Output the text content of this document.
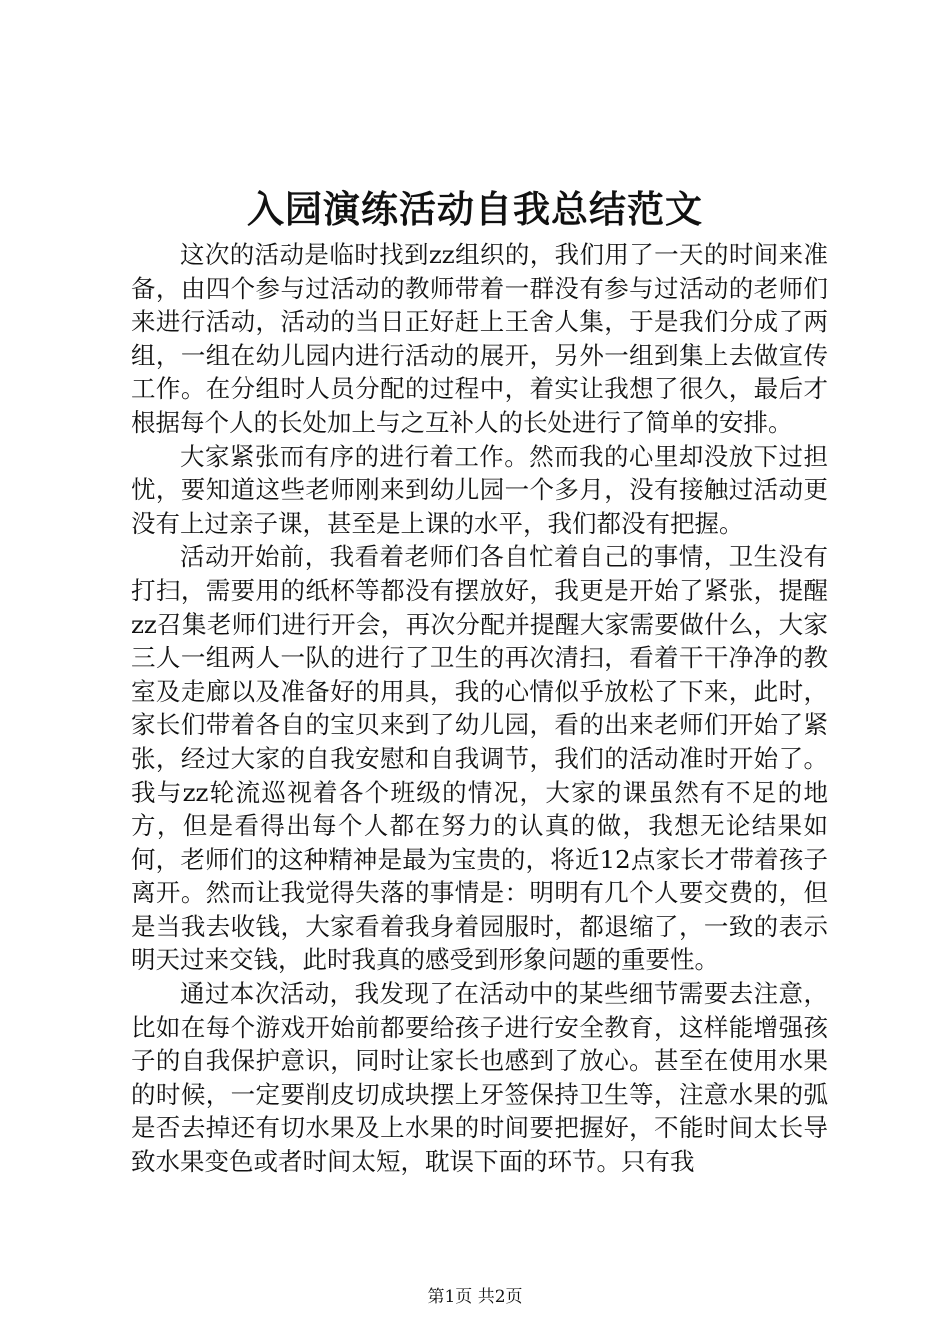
入园演练活动自我总结范文

这次的活动是临时找到zz组织的，我们用了一天的时间来准备，由四个参与过活动的教师带着一群没有参与过活动的老师们来进行活动，活动的当日正好赶上王舍人集，于是我们分成了两组，一组在幼儿园内进行活动的展开，另外一组到集上去做宣传工作。在分组时人员分配的过程中，着实让我想了很久，最后才根据每个人的长处加上与之互补人的长处进行了简单的安排。

大家紧张而有序的进行着工作。然而我的心里却没放下过担忧，要知道这些老师刚来到幼儿园一个多月，没有接触过活动更没有上过亲子课，甚至是上课的水平，我们都没有把握。

活动开始前，我看着老师们各自忙着自己的事情，卫生没有打扫，需要用的纸杯等都没有摆放好，我更是开始了紧张，提醒zz召集老师们进行开会，再次分配并提醒大家需要做什么，大家三人一组两人一队的进行了卫生的再次清扫，看着干干净净的教室及走廊以及准备好的用具，我的心情似乎放松了下来，此时，家长们带着各自的宝贝来到了幼儿园，看的出来老师们开始了紧张，经过大家的自我安慰和自我调节，我们的活动准时开始了。我与zz轮流巡视着各个班级的情况，大家的课虽然有不足的地方，但是看得出每个人都在努力的认真的做，我想无论结果如何，老师们的这种精神是最为宝贵的，将近12点家长才带着孩子离开。然而让我觉得失落的事情是：明明有几个人要交费的，但是当我去收钱，大家看着我身着园服时，都退缩了，一致的表示明天过来交钱，此时我真的感受到形象问题的重要性。

通过本次活动，我发现了在活动中的某些细节需要去注意，比如在每个游戏开始前都要给孩子进行安全教育，这样能增强孩子的自我保护意识，同时让家长也感到了放心。甚至在使用水果的时候，一定要削皮切成块摆上牙签保持卫生等，注意水果的弧是否去掉还有切水果及上水果的时间要把握好，不能时间太长导致水果变色或者时间太短，耽误下面的环节。只有我

第1页 共2页
